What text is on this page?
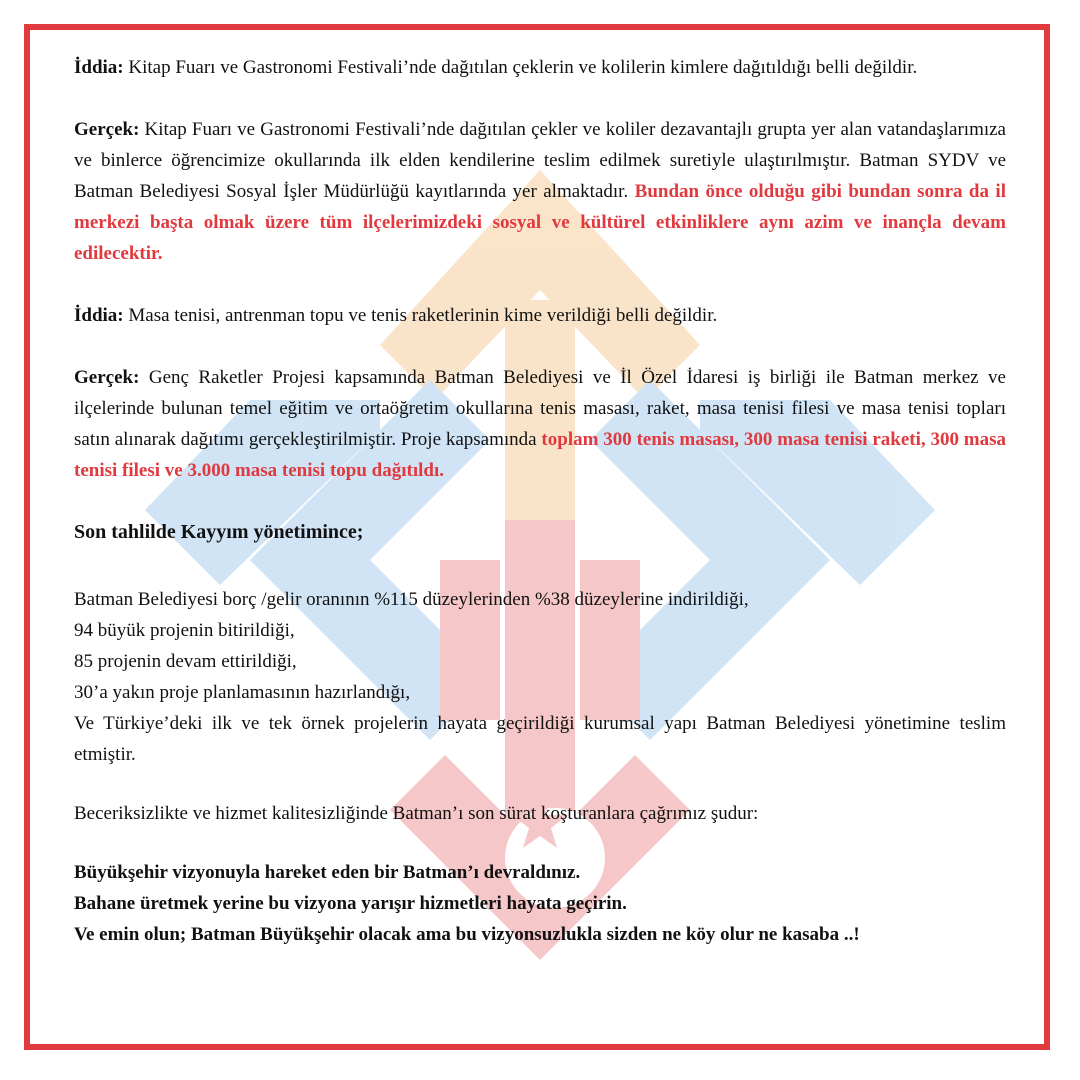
İddia: Kitap Fuarı ve Gastronomi Festivali’nde dağıtılan çeklerin ve kolilerin kimlere dağıtıldığı belli değildir.

Gerçek: Kitap Fuarı ve Gastronomi Festivali’nde dağıtılan çekler ve koliler dezavantajlı grupta yer alan vatandaşlarımıza ve binlerce öğrencimize okullarında ilk elden kendilerine teslim edilmek suretiyle ulaştırılmıştır. Batman SYDV ve Batman Belediyesi Sosyal İşler Müdürlüğü kayıtlarında yer almaktadır. Bundan önce olduğu gibi bundan sonra da il merkezi başta olmak üzere tüm ilçelerimizdeki sosyal ve kültürel etkinliklere aynı azim ve inançla devam edilecektir.

İddia: Masa tenisi, antrenman topu ve tenis raketlerinin kime verildiği belli değildir.

Gerçek: Genç Raketler Projesi kapsamında Batman Belediyesi ve İl Özel İdaresi iş birliği ile Batman merkez ve ilçelerinde bulunan temel eğitim ve ortaöğretim okullarına tenis masası, raket, masa tenisi filesi ve masa tenisi topları satın alınarak dağıtımı gerçekleştirilmiştir. Proje kapsamında toplam 300 tenis masası, 300 masa tenisi raketi, 300 masa tenisi filesi ve 3.000 masa tenisi topu dağıtıldı.

Son tahlilde Kayyım yönetimince;

Batman Belediyesi borç /gelir oranının %115 düzeylerinden %38 düzeylerine indirildiği,
94 büyük projenin bitirildiği,
85 projenin devam ettirildiği,
30’a yakın proje planlamasının hazırlandığı,
Ve Türkiye’deki ilk ve tek örnek projelerin hayata geçirildiği kurumsal yapı Batman Belediyesi yönetimine teslim etmiştir.

Beceriksizlikte ve hizmet kalitesizliğinde Batman’ı son sürat koşturanlara çağrımız şudur:

Büyükşehir vizyonuyla hareket eden bir Batman’ı devraldınız.
Bahane üretmek yerine bu vizyona yarışır hizmetleri hayata geçirin.
Ve emin olun; Batman Büyükşehir olacak ama bu vizyonsuzlukla sizden ne köy olur ne kasaba ..!
